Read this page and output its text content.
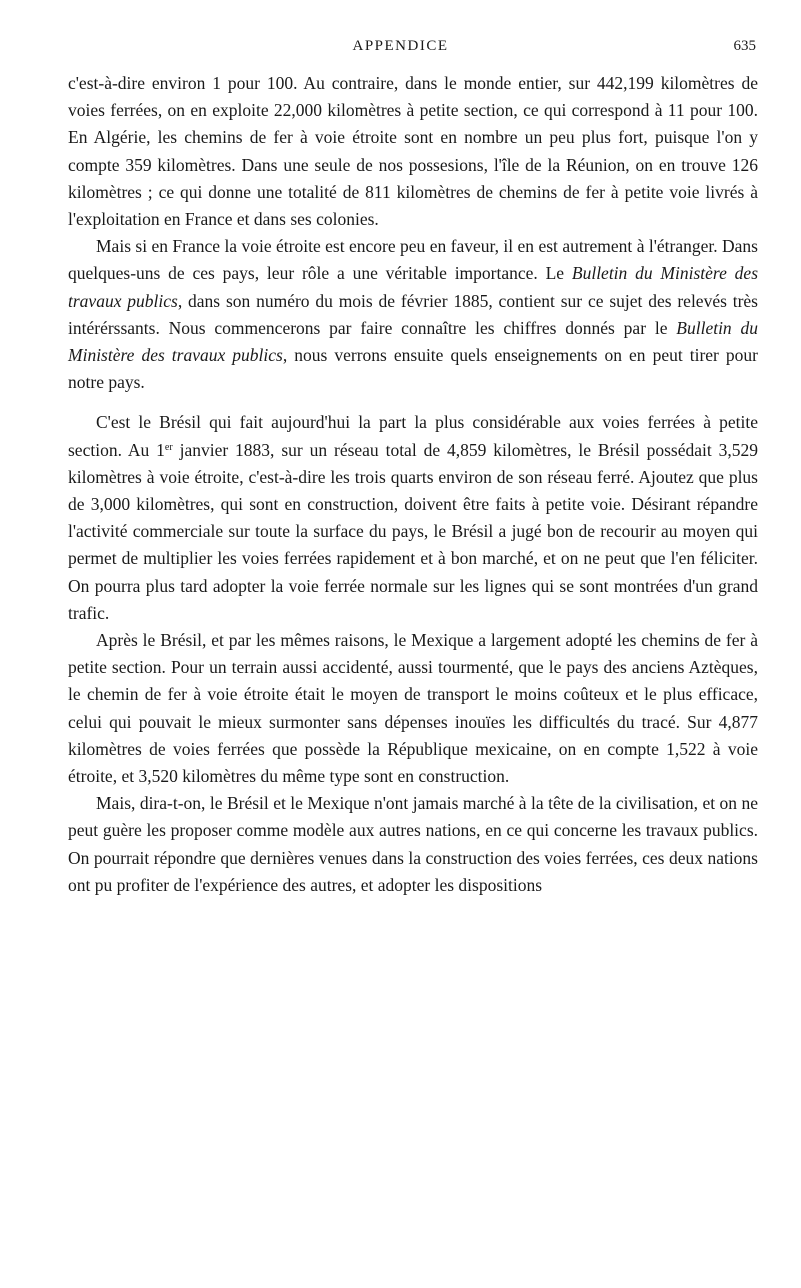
APPENDICE	635

c'est-à-dire environ 1 pour 100. Au contraire, dans le monde entier, sur 442,199 kilomètres de voies ferrées, on en exploite 22,000 kilomètres à petite section, ce qui correspond à 11 pour 100. En Algérie, les chemins de fer à voie étroite sont en nombre un peu plus fort, puisque l'on y compte 359 kilomètres. Dans une seule de nos possesions, l'île de la Réunion, on en trouve 126 kilomètres ; ce qui donne une totalité de 811 kilomètres de chemins de fer à petite voie livrés à l'exploitation en France et dans ses colonies.

Mais si en France la voie étroite est encore peu en faveur, il en est autrement à l'étranger. Dans quelques-uns de ces pays, leur rôle a une véritable importance. Le Bulletin du Ministère des travaux publics, dans son numéro du mois de février 1885, contient sur ce sujet des relevés très intérérssants. Nous commencerons par faire connaître les chiffres donnés par le Bulletin du Ministère des travaux publics, nous verrons ensuite quels enseignements on en peut tirer pour notre pays.

C'est le Brésil qui fait aujourd'hui la part la plus considérable aux voies ferrées à petite section. Au 1er janvier 1883, sur un réseau total de 4,859 kilomètres, le Brésil possédait 3,529 kilomètres à voie étroite, c'est-à-dire les trois quarts environ de son réseau ferré. Ajoutez que plus de 3,000 kilomètres, qui sont en construction, doivent être faits à petite voie. Désirant répandre l'activité commerciale sur toute la surface du pays, le Brésil a jugé bon de recourir au moyen qui permet de multiplier les voies ferrées rapidement et à bon marché, et on ne peut que l'en féliciter. On pourra plus tard adopter la voie ferrée normale sur les lignes qui se sont montrées d'un grand trafic.

Après le Brésil, et par les mêmes raisons, le Mexique a largement adopté les chemins de fer à petite section. Pour un terrain aussi accidenté, aussi tourmenté, que le pays des anciens Aztèques, le chemin de fer à voie étroite était le moyen de transport le moins coûteux et le plus efficace, celui qui pouvait le mieux surmonter sans dépenses inouïes les difficultés du tracé. Sur 4,877 kilomètres de voies ferrées que possède la République mexicaine, on en compte 1,522 à voie étroite, et 3,520 kilomètres du même type sont en construction.

Mais, dira-t-on, le Brésil et le Mexique n'ont jamais marché à la tête de la civilisation, et on ne peut guère les proposer comme modèle aux autres nations, en ce qui concerne les travaux publics. On pourrait répondre que dernières venues dans la construction des voies ferrées, ces deux nations ont pu profiter de l'expérience des autres, et adopter les dispositions
